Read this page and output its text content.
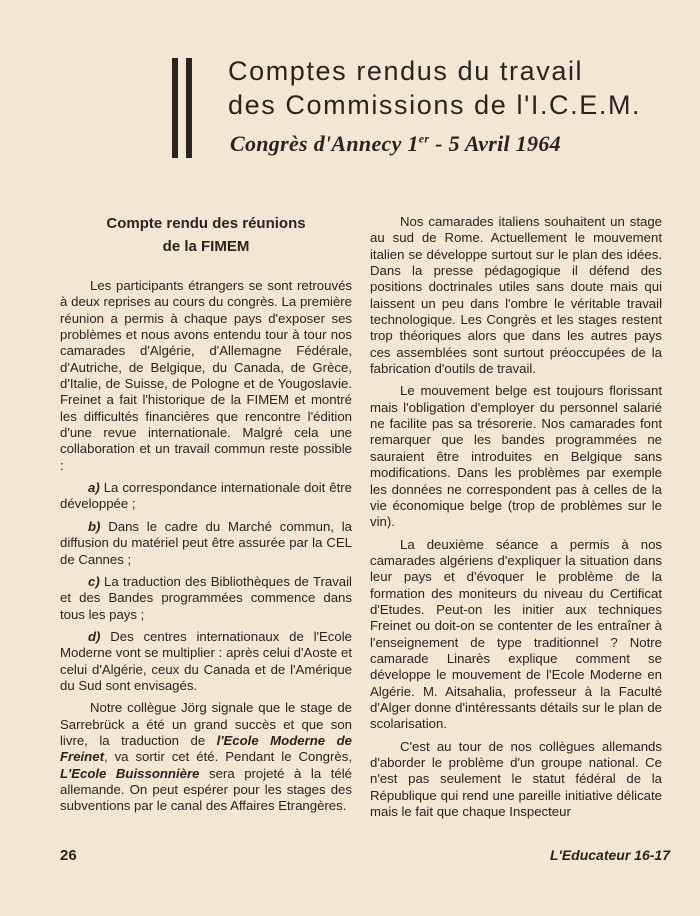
Comptes rendus du travail
des Commissions de l'I.C.E.M.
Congrès d'Annecy 1er - 5 Avril 1964
Compte rendu des réunions
de la FIMEM

Les participants étrangers se sont retrouvés à deux reprises au cours du congrès. La première réunion a permis à chaque pays d'exposer ses problèmes et nous avons entendu tour à tour nos camarades d'Algérie, d'Allemagne Fédérale, d'Autriche, de Belgique, du Canada, de Grèce, d'Italie, de Suisse, de Pologne et de Yougoslavie. Freinet a fait l'historique de la FIMEM et montré les difficultés financières que rencontre l'édition d'une revue internationale. Malgré cela une collaboration et un travail commun reste possible :

a) La correspondance internationale doit être développée ;

b) Dans le cadre du Marché commun, la diffusion du matériel peut être assurée par la CEL de Cannes ;

c) La traduction des Bibliothèques de Travail et des Bandes programmées commence dans tous les pays ;

d) Des centres internationaux de l'Ecole Moderne vont se multiplier : après celui d'Aoste et celui d'Algérie, ceux du Canada et de l'Amérique du Sud sont envisagés.

Notre collègue Jörg signale que le stage de Sarrebrück a été un grand succès et que son livre, la traduction de l'Ecole Moderne de Freinet, va sortir cet été. Pendant le Congrès, L'Ecole Buissonnière sera projeté à la télé allemande. On peut espérer pour les stages des subventions par le canal des Affaires Etrangères.

Nos camarades italiens souhaitent un stage au sud de Rome. Actuellement le mouvement italien se développe surtout sur le plan des idées. Dans la presse pédagogique il défend des positions doctrinales utiles sans doute mais qui laissent un peu dans l'ombre le véritable travail technologique. Les Congrès et les stages restent trop théoriques alors que dans les autres pays ces assemblées sont surtout préoccupées de la fabrication d'outils de travail.

Le mouvement belge est toujours florissant mais l'obligation d'employer du personnel salarié ne facilite pas sa trésorerie. Nos camarades font remarquer que les bandes programmées ne sauraient être introduites en Belgique sans modifications. Dans les problèmes par exemple les données ne correspondent pas à celles de la vie économique belge (trop de problèmes sur le vin).

La deuxième séance a permis à nos camarades algériens d'expliquer la situation dans leur pays et d'évoquer le problème de la formation des moniteurs du niveau du Certificat d'Etudes. Peut-on les initier aux techniques Freinet ou doit-on se contenter de les entraîner à l'enseignement de type traditionnel ? Notre camarade Linarès explique comment se développe le mouvement de l'Ecole Moderne en Algérie. M. Aitsahalia, professeur à la Faculté d'Alger donne d'intéressants détails sur le plan de scolarisation.

C'est au tour de nos collègues allemands d'aborder le problème d'un groupe national. Ce n'est pas seulement le statut fédéral de la République qui rend une pareille initiative délicate mais le fait que chaque Inspecteur

26	L'Educateur 16-17
